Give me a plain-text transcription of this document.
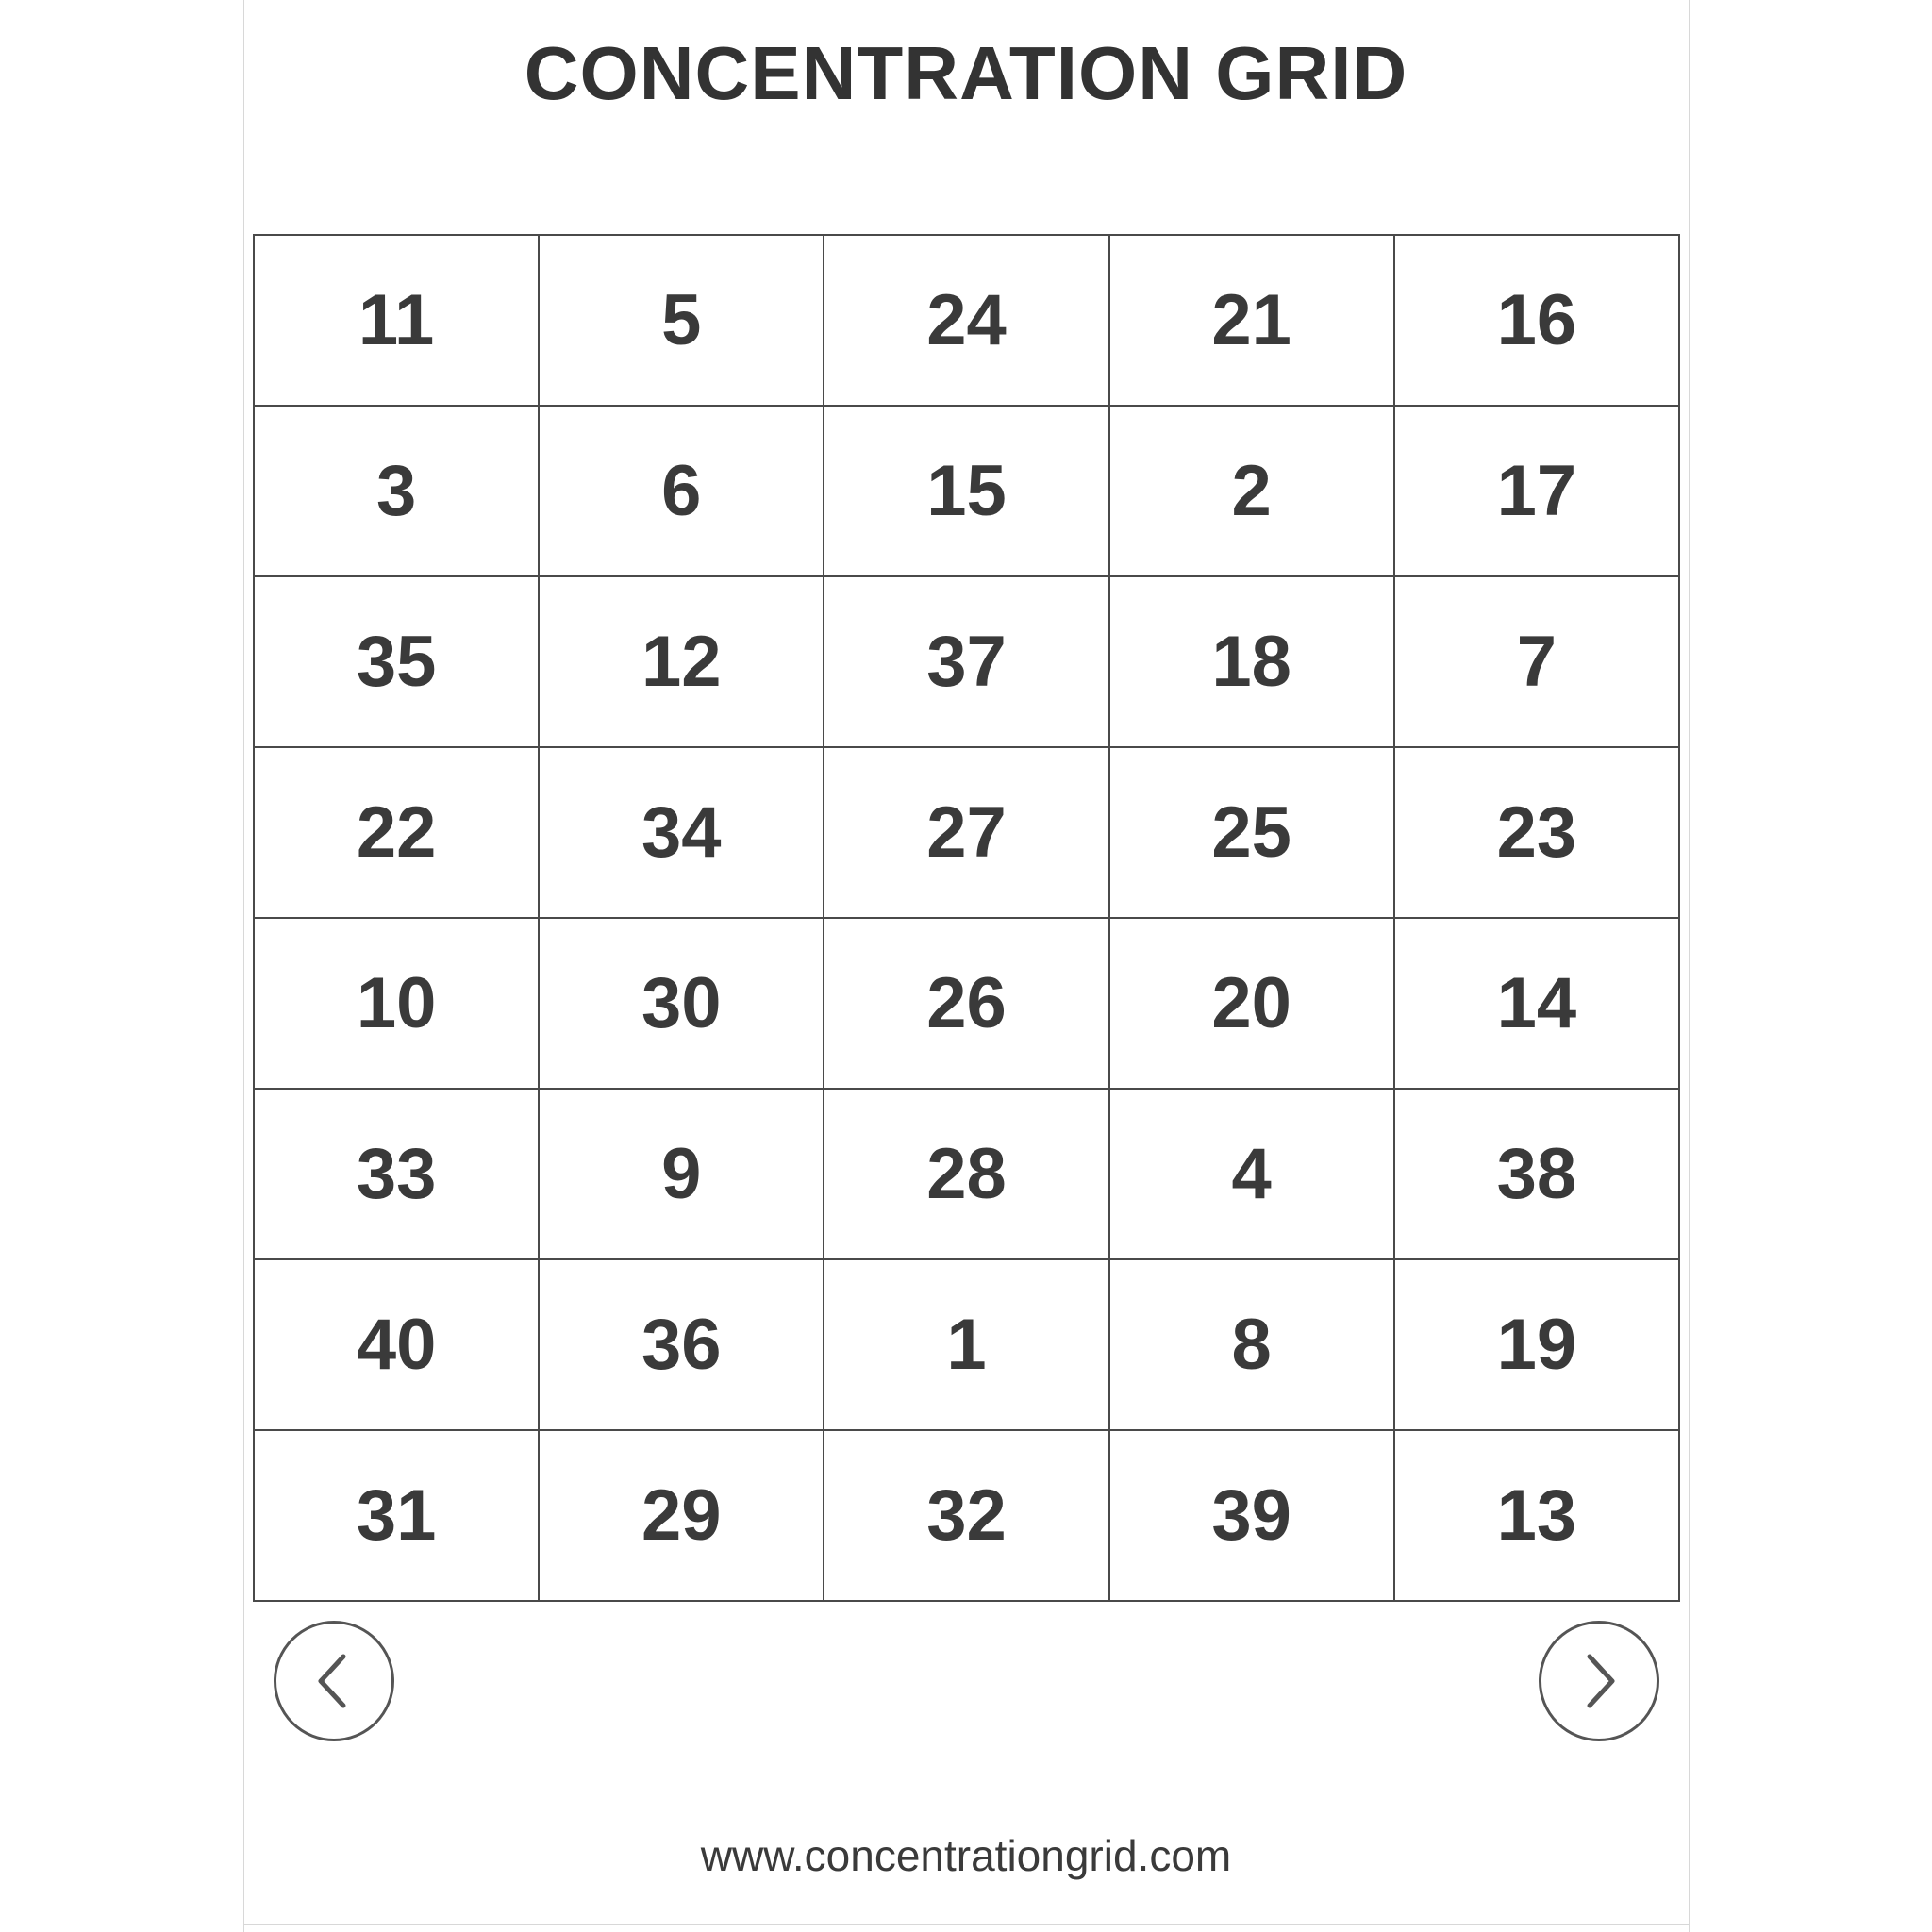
CONCENTRATION GRID
11	5	24	21	16
3	6	15	2	17
35	12	37	18	7
22	34	27	25	23
10	30	26	20	14
33	9	28	4	38
40	36	1	8	19
31	29	32	39	13
www.concentrationgrid.com
